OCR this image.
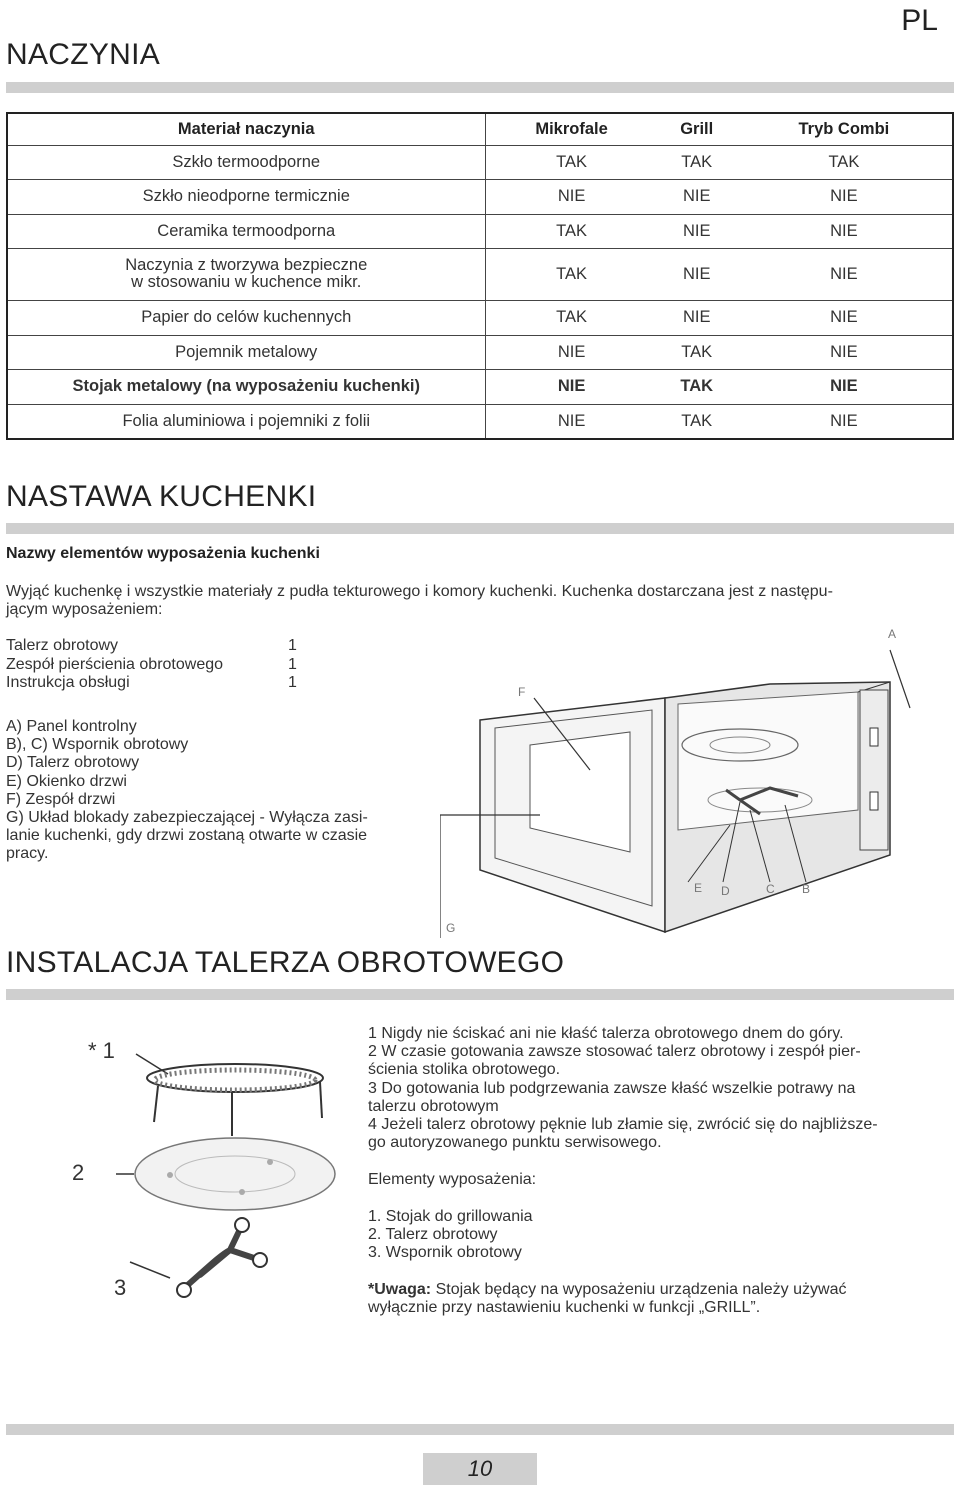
PL
NACZYNIA
Materiał naczynia	Mikrofale	Grill	Tryb Combi
Szkło termoodporne	TAK	TAK	TAK
Szkło nieodporne termicznie	NIE	NIE	NIE
Ceramika termoodporna	TAK	NIE	NIE
Naczynia z tworzywa bezpieczne
w stosowaniu w kuchence mikr.	TAK	NIE	NIE
Papier do celów kuchennych	TAK	NIE	NIE
Pojemnik metalowy	NIE	TAK	NIE
Stojak metalowy (na wyposażeniu kuchenki)	NIE	TAK	NIE
Folia aluminiowa i pojemniki z folii	NIE	TAK	NIE
NASTAWA KUCHENKI
Nazwy elementów wyposażenia kuchenki
Wyjąć kuchenkę i wszystkie materiały z pudła tekturowego i komory kuchenki. Kuchenka dostarczana jest z następu-
jącym wyposażeniem:
Talerz obrotowy	1
Zespół pierścienia obrotowego	1
Instrukcja obsługi	1
A) Panel kontrolny
B), C) Wspornik obrotowy
D) Talerz obrotowy
E) Okienko drzwi
F) Zespół drzwi
G) Układ blokady zabezpieczającej - Wyłącza zasi-
lanie kuchenki, gdy drzwi zostaną otwarte w czasie
pracy.
A
F
E D	C B
G
INSTALACJA TALERZA OBROTOWEGO
* 1
2
3
1 Nigdy nie ściskać ani nie kłaść talerza obrotowego dnem do góry.
2 W czasie gotowania zawsze stosować talerz obrotowy i zespół pier-
ścienia stolika obrotowego.
3 Do gotowania lub podgrzewania zawsze kłaść wszelkie potrawy na
talerzu obrotowym
4 Jeżeli talerz obrotowy pęknie lub złamie się, zwrócić się do najbliższe-
go autoryzowanego punktu serwisowego.
Elementy wyposażenia:
1. Stojak do grillowania
2. Talerz obrotowy
3. Wspornik obrotowy
*Uwaga: Stojak będący na wyposażeniu urządzenia należy używać
wyłącznie przy nastawieniu kuchenki w funkcji „GRILL”.
10
